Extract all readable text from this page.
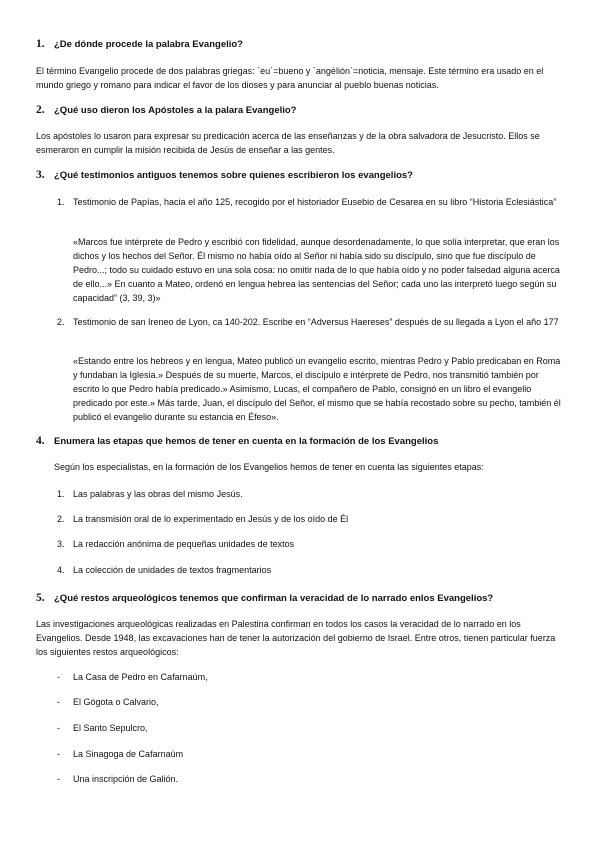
1. ¿De dónde procede la palabra Evangelio?
El término Evangelio procede de dos palabras griegas: `eu´=bueno y `angélión´=noticia, mensaje. Este término era usado en el mundo griego y romano para indicar el favor de los dioses y para anunciar al pueblo buenas noticias.
2. ¿Qué uso dieron los Apóstoles a la palara Evangelio?
Los apóstoles lo usaron para expresar su predicación acerca de las enseñanzas y de la obra salvadora de Jesucristo. Ellos se esmeraron en cumplir la misión recibida de Jesús de enseñar a las gentes.
3. ¿Qué testimonios antiguos tenemos sobre quienes escribieron los evangelios?
1. Testimonio de Papías, hacia el año 125, recogido por el historiador Eusebio de Cesarea en su libro “Historia Eclesiástica”
«Marcos fue intérprete de Pedro y escribió con fidelidad, aunque desordenadamente, lo que solía interpretar, que eran los dichos y los hechos del Señor. Él mismo no había oído al Señor ni había sido su discípulo, sino que fue discípulo de Pedro...; todo su cuidado estuvo en una sola cosa: no omitir nada de lo que había oído y no poder falsedad alguna acerca de ello...» En cuanto a Mateo, ordenó en lengua hebrea las sentencias del Señor; cada uno las interpretó luego según su capacidad” (3, 39, 3)»
2. Testimonio de san Ireneo de Lyon, ca 140-202. Escribe en “Adversus Haereses” después de su llegada a Lyon el año 177
«Estando entre los hebreos y en lengua, Mateo publicó un evangelio escrito, mientras Pedro y Pablo predicaban en Roma y fundaban la Iglesia.» Después de su muerte, Marcos, el discípulo e intérprete de Pedro, nos transmitió también por escrito lo que Pedro había predicado.» Asimismo, Lucas, el compañero de Pablo, consignó en un libro el evangelio predicado por este.» Más tarde, Juan, el discípulo del Señor, el mismo que se había recostado sobre su pecho, también él publicó el evangelio durante su estancia en Éfeso».
4. Enumera las etapas que hemos de tener en cuenta en la formación de los Evangelios
Según los especialistas, en la formación de los Evangelios hemos de tener en cuenta las siguientes etapas:
1. Las palabras y las obras del mismo Jesús.
2. La transmisión oral de lo experimentado en Jesús y de los oído de Él
3. La redacción anónima de pequeñas unidades de textos
4. La colección de unidades de textos fragmentarios
5. ¿Qué restos arqueológicos tenemos que confirman la veracidad de lo narrado enlos Evangelios?
Las investigaciones arqueológicas realizadas en Palestina confirman en todos los casos la veracidad de lo narrado en los Evangelios. Desde 1948, las excavaciones han de tener la autorización del gobierno de Israel. Entre otros, tienen particular fuerza los siguientes restos arqueológicos:
- La Casa de Pedro en Cafarnaúm,
- El Gógota o Calvario,
- El Santo Sepulcro,
- La Sinagoga de Cafarnaúm
- Una inscripción de Galión.
